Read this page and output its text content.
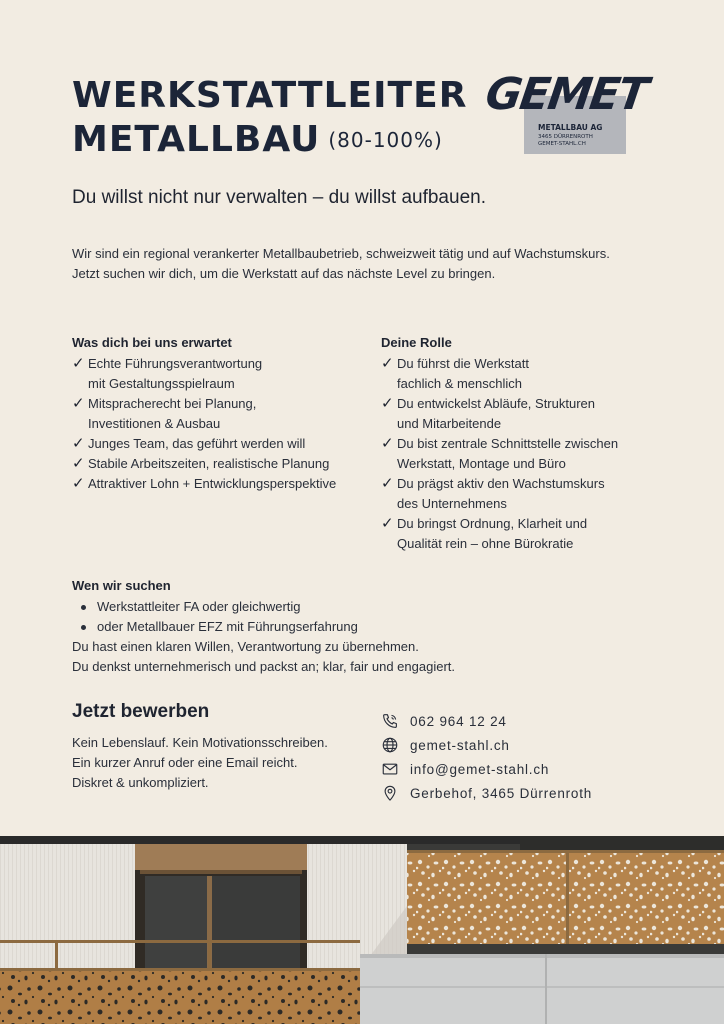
WERKSTATTLEITER
METALLBAU (80-100%)
GEMET
METALLBAU AG
3465 DÜRRENROTH
GEMET-STAHL.CH
Du willst nicht nur verwalten – du willst aufbauen.

Wir sind ein regional verankerter Metallbaubetrieb, schweizweit tätig und auf Wachstumskurs.

Jetzt suchen wir dich, um die Werkstatt auf das nächste Level zu bringen.

Was dich bei uns erwartet
✓ Echte Führungsverantwortung
mit Gestaltungsspielraum
✓ Mitspracherecht bei Planung,
Investitionen & Ausbau
✓ Junges Team, das geführt werden will
✓ Stabile Arbeitszeiten, realistische Planung
✓ Attraktiver Lohn + Entwicklungsperspektive
Deine Rolle
✓ Du führst die Werkstatt
fachlich & menschlich
✓ Du entwickelst Abläufe, Strukturen
und Mitarbeitende
✓ Du bist zentrale Schnittstelle zwischen
Werkstatt, Montage und Büro
✓ Du prägst aktiv den Wachstumskurs
des Unternehmens
✓ Du bringst Ordnung, Klarheit und
Qualität rein – ohne Bürokratie
Wen wir suchen
Werkstattleiter FA oder gleichwertig
oder Metallbauer EFZ mit Führungserfahrung

Du hast einen klaren Willen, Verantwortung zu übernehmen.

Du denkst unternehmerisch und packst an; klar, fair und engagiert.

Jetzt bewerben

Kein Lebenslauf. Kein Motivationsschreiben.

Ein kurzer Anruf oder eine Email reicht.

Diskret & unkompliziert.

062 964 12 24
gemet-stahl.ch
info@gemet-stahl.ch
Gerbehof, 3465 Dürrenroth
